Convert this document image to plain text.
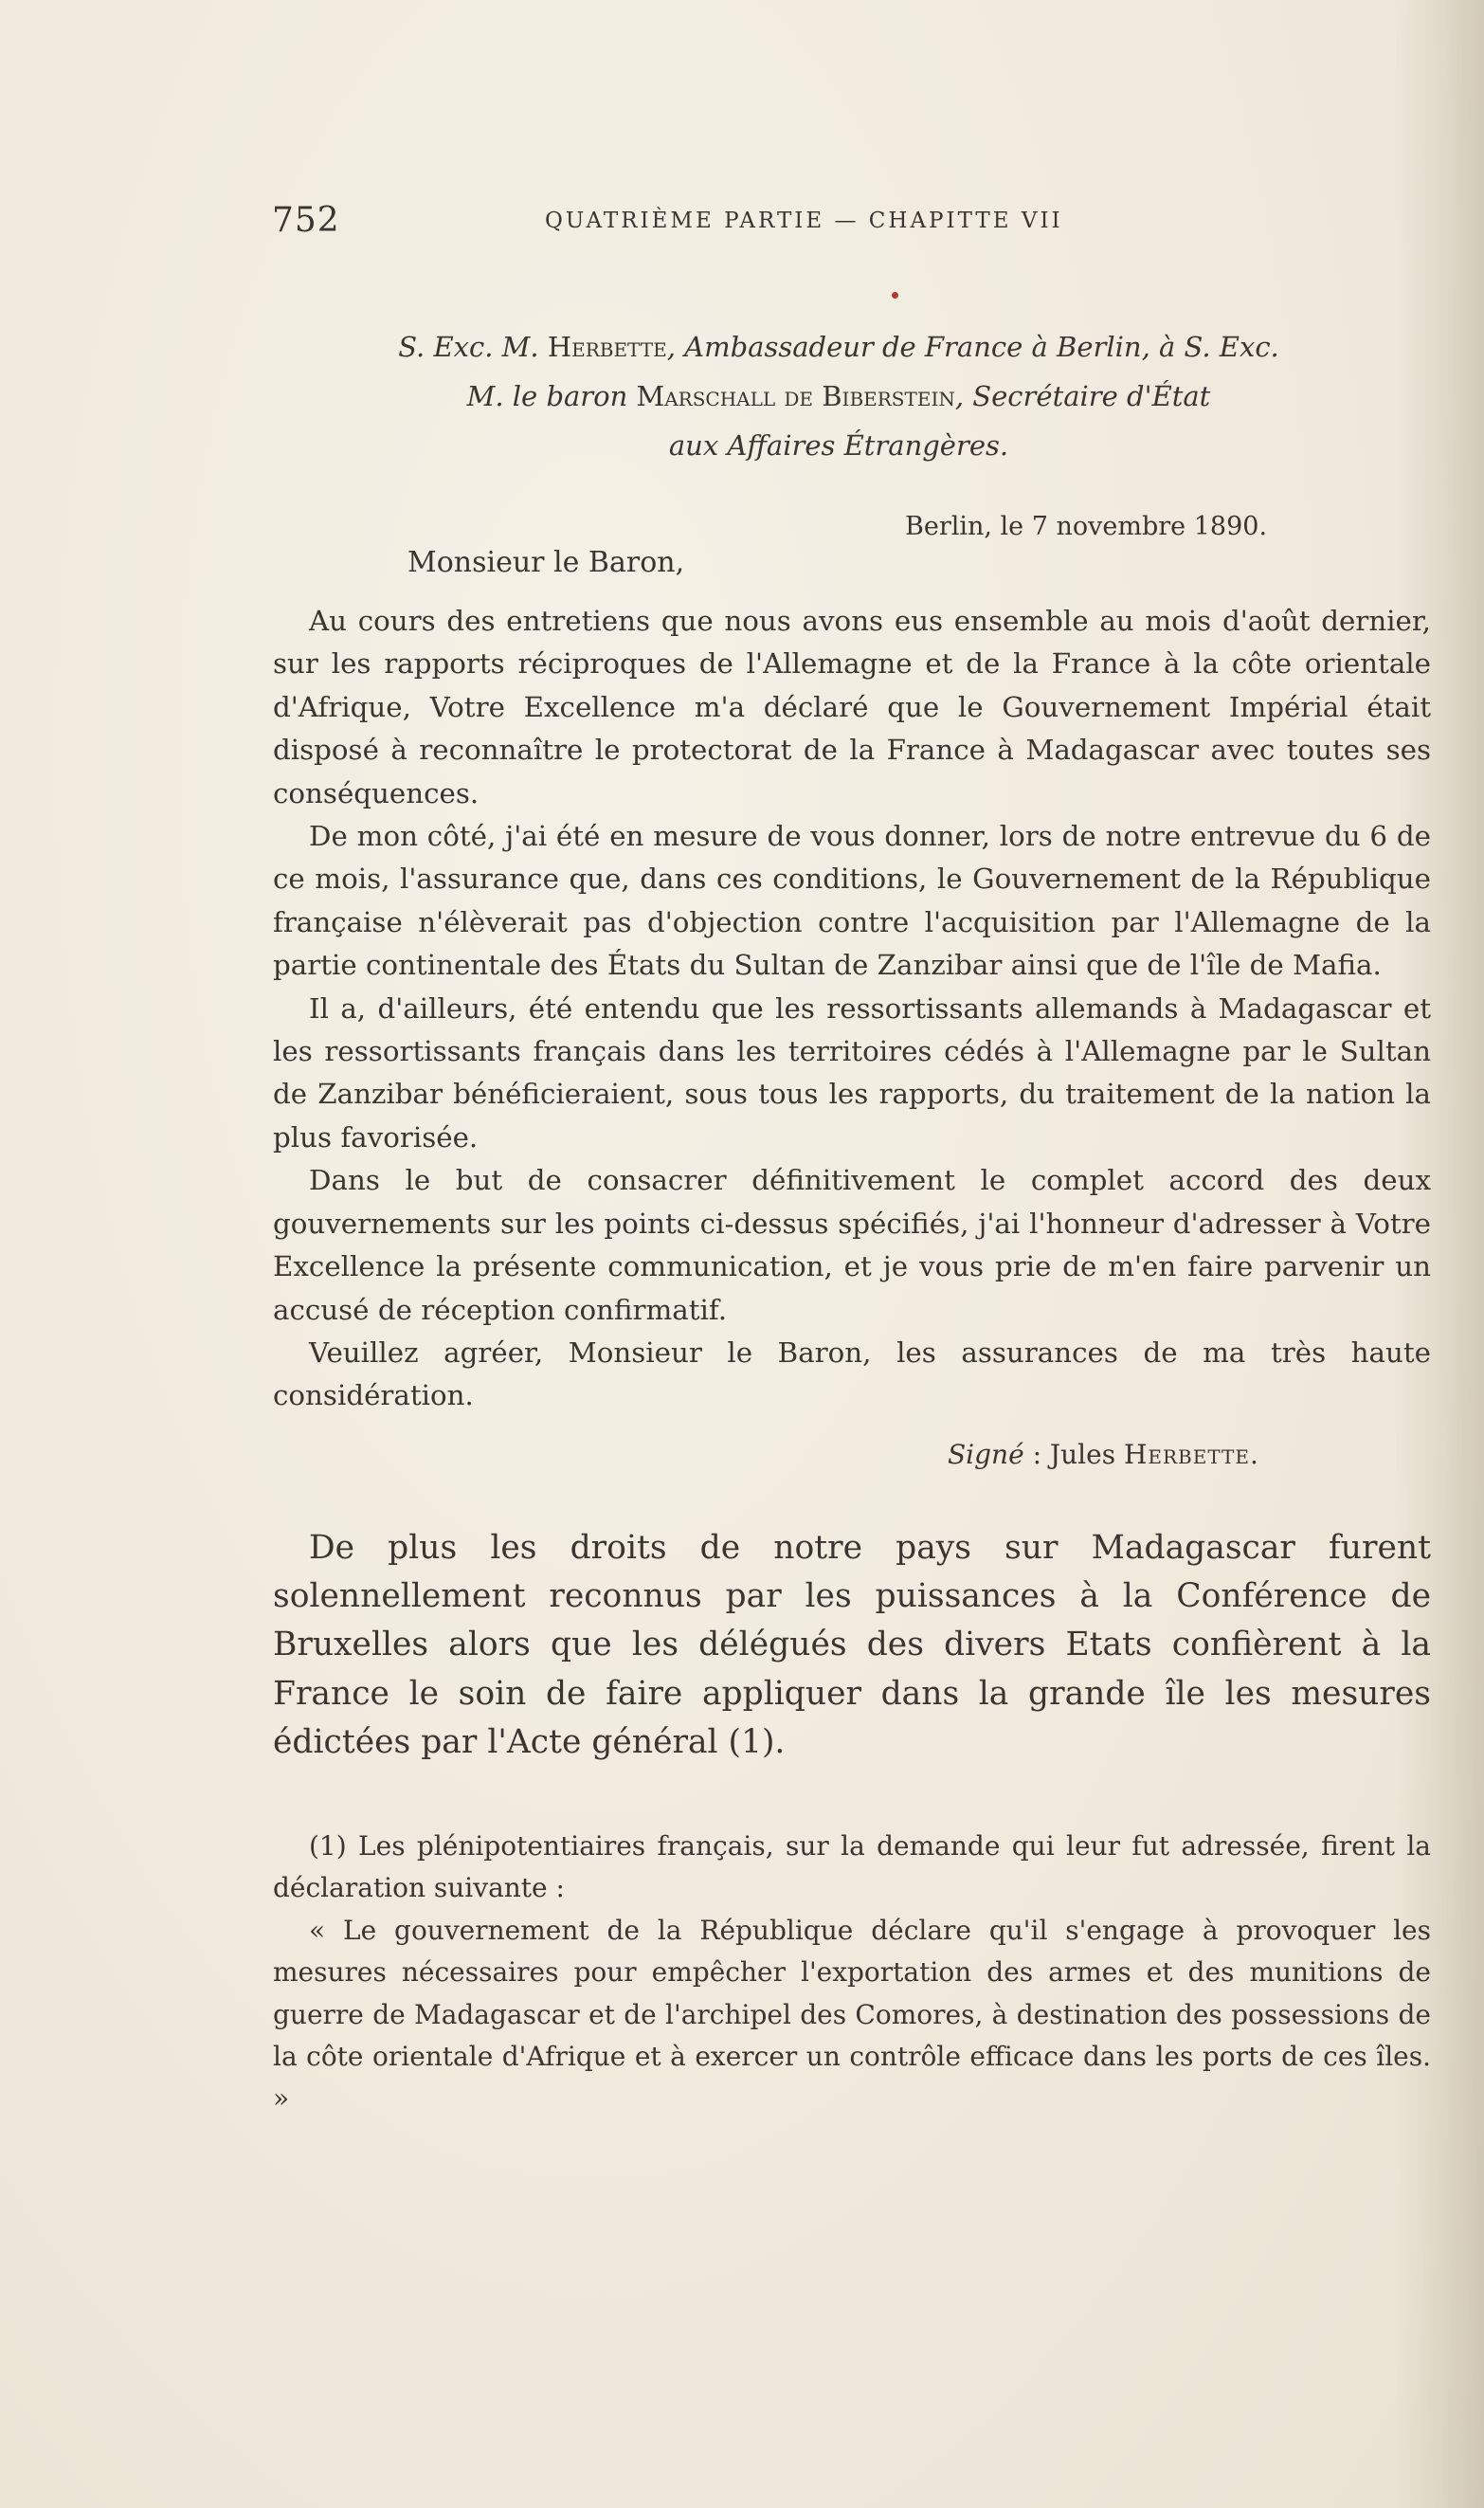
752	QUATRIÈME PARTIE — CHAPITTE VII
S. Exc. M. Herbette, Ambassadeur de France à Berlin, à S. Exc.
M. le baron Marschall de Biberstein, Secrétaire d'État
aux Affaires Étrangères.
Berlin, le 7 novembre 1890.
Monsieur le Baron,

Au cours des entretiens que nous avons eus ensemble au mois d'août dernier, sur les rapports réciproques de l'Allemagne et de la France à la côte orientale d'Afrique, Votre Excellence m'a déclaré que le Gouvernement Impérial était disposé à reconnaître le protectorat de la France à Madagascar avec toutes ses conséquences.

De mon côté, j'ai été en mesure de vous donner, lors de notre entrevue du 6 de ce mois, l'assurance que, dans ces conditions, le Gouvernement de la République française n'élèverait pas d'objection contre l'acquisition par l'Allemagne de la partie continentale des États du Sultan de Zanzibar ainsi que de l'île de Mafia.

Il a, d'ailleurs, été entendu que les ressortissants allemands à Madagascar et les ressortissants français dans les territoires cédés à l'Allemagne par le Sultan de Zanzibar bénéficieraient, sous tous les rapports, du traitement de la nation la plus favorisée.

Dans le but de consacrer définitivement le complet accord des deux gouvernements sur les points ci-dessus spécifiés, j'ai l'honneur d'adresser à Votre Excellence la présente communication, et je vous prie de m'en faire parvenir un accusé de réception confirmatif.

Veuillez agréer, Monsieur le Baron, les assurances de ma très haute considération.

Signé : Jules Herbette.

De plus les droits de notre pays sur Madagascar furent solennellement reconnus par les puissances à la Conférence de Bruxelles alors que les délégués des divers Etats confièrent à la France le soin de faire appliquer dans la grande île les mesures édictées par l'Acte général (1).

(1) Les plénipotentiaires français, sur la demande qui leur fut adressée, firent la déclaration suivante :

« Le gouvernement de la République déclare qu'il s'engage à provoquer les mesures nécessaires pour empêcher l'exportation des armes et des munitions de guerre de Madagascar et de l'archipel des Comores, à destination des possessions de la côte orientale d'Afrique et à exercer un contrôle efficace dans les ports de ces îles. »
